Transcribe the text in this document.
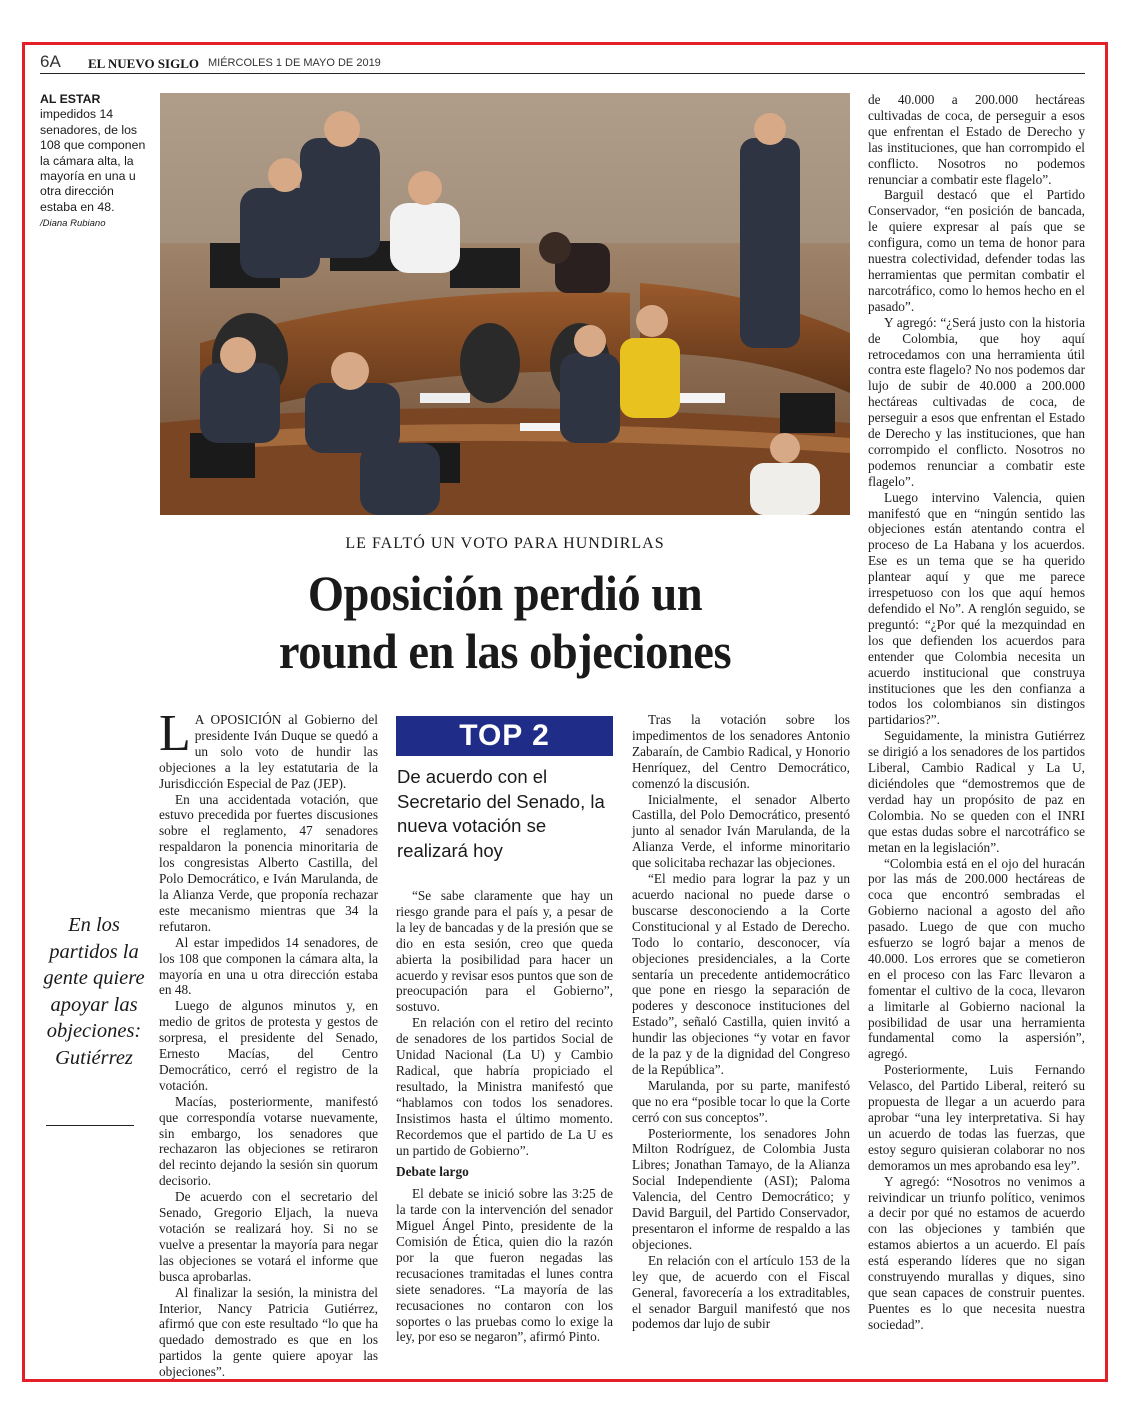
6A EL NUEVO SIGLO MIÉRCOLES 1 DE MAYO DE 2019
AL ESTAR
impedidos 14 senadores, de los 108 que componen la cámara alta, la mayoría en una u otra dirección estaba en 48.
/Diana Rubiano
LE FALTÓ UN VOTO PARA HUNDIRLAS
Oposición perdió un
round en las objeciones
En los partidos la gente quiere apoyar las objeciones: Gutiérrez

L A OPOSICIÓN al Gobierno del presidente Iván Duque se quedó a un solo voto de hundir las objeciones a la ley estatutaria de la Jurisdicción Especial de Paz (JEP).

En una accidentada votación, que estuvo precedida por fuertes discusiones sobre el reglamento, 47 senadores respaldaron la ponencia minoritaria de los congresistas Alberto Castilla, del Polo Democrático, e Iván Marulanda, de la Alianza Verde, que proponía rechazar este mecanismo mientras que 34 la refutaron.

Al estar impedidos 14 senadores, de los 108 que componen la cámara alta, la mayoría en una u otra dirección estaba en 48.

Luego de algunos minutos y, en medio de gritos de protesta y gestos de sorpresa, el presidente del Senado, Ernesto Macías, del Centro Democrático, cerró el registro de la votación.

Macías, posteriormente, manifestó que correspondía votarse nuevamente, sin embargo, los senadores que rechazaron las objeciones se retiraron del recinto dejando la sesión sin quorum decisorio.

De acuerdo con el secretario del Senado, Gregorio Eljach, la nueva votación se realizará hoy. Si no se vuelve a presentar la mayoría para negar las objeciones se votará el informe que busca aprobarlas.

Al finalizar la sesión, la ministra del Interior, Nancy Patricia Gutiérrez, afirmó que con este resultado “lo que ha quedado demostrado es que en los partidos la gente quiere apoyar las objeciones”.

TOP 2
De acuerdo con el Secretario del Senado, la nueva votación se realizará hoy

“Se sabe claramente que hay un riesgo grande para el país y, a pesar de la ley de bancadas y de la presión que se dio en esta sesión, creo que queda abierta la posibilidad para hacer un acuerdo y revisar esos puntos que son de preocupación para el Gobierno”, sostuvo.

En relación con el retiro del recinto de senadores de los partidos Social de Unidad Nacional (La U) y Cambio Radical, que habría propiciado el resultado, la Ministra manifestó que “hablamos con todos los senadores. Insistimos hasta el último momento. Recordemos que el partido de La U es un partido de Gobierno”.

Debate largo

El debate se inició sobre las 3:25 de la tarde con la intervención del senador Miguel Ángel Pinto, presidente de la Comisión de Ética, quien dio la razón por la que fueron negadas las recusaciones tramitadas el lunes contra siete senadores. “La mayoría de las recusaciones no contaron con los soportes o las pruebas como lo exige la ley, por eso se negaron”, afirmó Pinto.

Tras la votación sobre los impedimentos de los senadores Antonio Zabaraín, de Cambio Radical, y Honorio Henríquez, del Centro Democrático, comenzó la discusión.

Inicialmente, el senador Alberto Castilla, del Polo Democrático, presentó junto al senador Iván Marulanda, de la Alianza Verde, el informe minoritario que solicitaba rechazar las objeciones.

“El medio para lograr la paz y un acuerdo nacional no puede darse o buscarse desconociendo a la Corte Constitucional y al Estado de Derecho. Todo lo contario, desconocer, vía objeciones presidenciales, a la Corte sentaría un precedente antidemocrático que pone en riesgo la separación de poderes y desconoce instituciones del Estado”, señaló Castilla, quien invitó a hundir las objeciones “y votar en favor de la paz y de la dignidad del Congreso de la República”.

Marulanda, por su parte, manifestó que no era “posible tocar lo que la Corte cerró con sus conceptos”.

Posteriormente, los senadores John Milton Rodríguez, de Colombia Justa Libres; Jonathan Tamayo, de la Alianza Social Independiente (ASI); Paloma Valencia, del Centro Democrático; y David Barguil, del Partido Conservador, presentaron el informe de respaldo a las objeciones.

En relación con el artículo 153 de la ley que, de acuerdo con el Fiscal General, favorecería a los extraditables, el senador Barguil manifestó que nos podemos dar lujo de subir

de 40.000 a 200.000 hectáreas cultivadas de coca, de perseguir a esos que enfrentan el Estado de Derecho y las instituciones, que han corrompido el conflicto. Nosotros no podemos renunciar a combatir este flagelo”.

Barguil destacó que el Partido Conservador, “en posición de bancada, le quiere expresar al país que se configura, como un tema de honor para nuestra colectividad, defender todas las herramientas que permitan combatir el narcotráfico, como lo hemos hecho en el pasado”.

Y agregó: “¿Será justo con la historia de Colombia, que hoy aquí retrocedamos con una herramienta útil contra este flagelo? No nos podemos dar lujo de subir de 40.000 a 200.000 hectáreas cultivadas de coca, de perseguir a esos que enfrentan el Estado de Derecho y las instituciones, que han corrompido el conflicto. Nosotros no podemos renunciar a combatir este flagelo”.

Luego intervino Valencia, quien manifestó que en “ningún sentido las objeciones están atentando contra el proceso de La Habana y los acuerdos. Ese es un tema que se ha querido plantear aquí y que me parece irrespetuoso con los que aquí hemos defendido el No”. A renglón seguido, se preguntó: “¿Por qué la mezquindad en los que defienden los acuerdos para entender que Colombia necesita un acuerdo institucional que construya instituciones que les den confianza a todos los colombianos sin distingos partidarios?”.

Seguidamente, la ministra Gutiérrez se dirigió a los senadores de los partidos Liberal, Cambio Radical y La U, diciéndoles que “demostremos que de verdad hay un propósito de paz en Colombia. No se queden con el INRI que estas dudas sobre el narcotráfico se metan en la legislación”.

“Colombia está en el ojo del huracán por las más de 200.000 hectáreas de coca que encontró sembradas el Gobierno nacional a agosto del año pasado. Luego de que con mucho esfuerzo se logró bajar a menos de 40.000. Los errores que se cometieron en el proceso con las Farc llevaron a fomentar el cultivo de la coca, llevaron a limitarle al Gobierno nacional la posibilidad de usar una herramienta fundamental como la aspersión”, agregó.

Posteriormente, Luis Fernando Velasco, del Partido Liberal, reiteró su propuesta de llegar a un acuerdo para aprobar “una ley interpretativa. Si hay un acuerdo de todas las fuerzas, que estoy seguro quisieran colaborar no nos demoramos un mes aprobando esa ley”.

Y agregó: “Nosotros no venimos a reivindicar un triunfo político, venimos a decir por qué no estamos de acuerdo con las objeciones y también que estamos abiertos a un acuerdo. El país está esperando líderes que no sigan construyendo murallas y diques, sino que sean capaces de construir puentes. Puentes es lo que necesita nuestra sociedad”.
